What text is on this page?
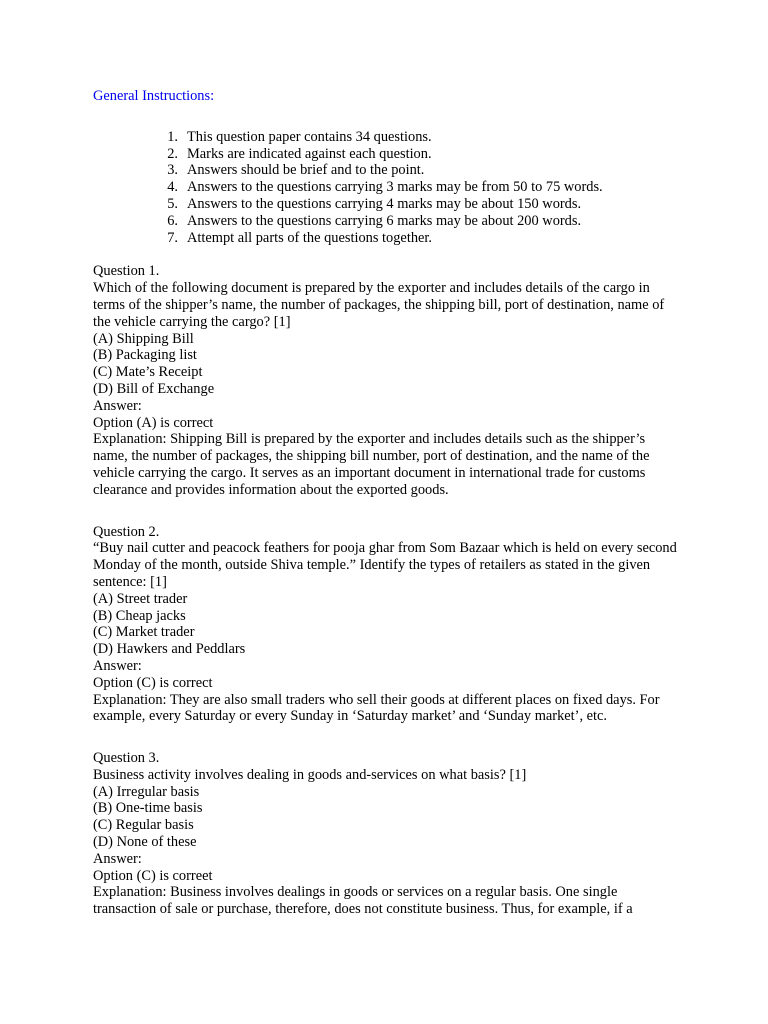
General Instructions:

1. This question paper contains 34 questions.
2. Marks are indicated against each question.
3. Answers should be brief and to the point.
4. Answers to the questions carrying 3 marks may be from 50 to 75 words.
5. Answers to the questions carrying 4 marks may be about 150 words.
6. Answers to the questions carrying 6 marks may be about 200 words.
7. Attempt all parts of the questions together.

Question 1.

Which of the following document is prepared by the exporter and includes details of the cargo in terms of the shipper’s name, the number of packages, the shipping bill, port of destination, name of the vehicle carrying the cargo? [1]

(A) Shipping Bill

(B) Packaging list

(C) Mate’s Receipt

(D) Bill of Exchange

Answer:

Option (A) is correct

Explanation: Shipping Bill is prepared by the exporter and includes details such as the shipper’s name, the number of packages, the shipping bill number, port of destination, and the name of the vehicle carrying the cargo. It serves as an important document in international trade for customs clearance and provides information about the exported goods.

Question 2.

“Buy nail cutter and peacock feathers for pooja ghar from Som Bazaar which is held on every second Monday of the month, outside Shiva temple.” Identify the types of retailers as stated in the given sentence: [1]

(A) Street trader

(B) Cheap jacks

(C) Market trader

(D) Hawkers and Peddlars

Answer:

Option (C) is correct

Explanation: They are also small traders who sell their goods at different places on fixed days. For example, every Saturday or every Sunday in ‘Saturday market’ and ‘Sunday market’, etc.

Question 3.

Business activity involves dealing in goods and-services on what basis? [1]

(A) Irregular basis

(B) One-time basis

(C) Regular basis

(D) None of these

Answer:

Option (C) is correet

Explanation: Business involves dealings in goods or services on a regular basis. One single transaction of sale or purchase, therefore, does not constitute business. Thus, for example, if a
